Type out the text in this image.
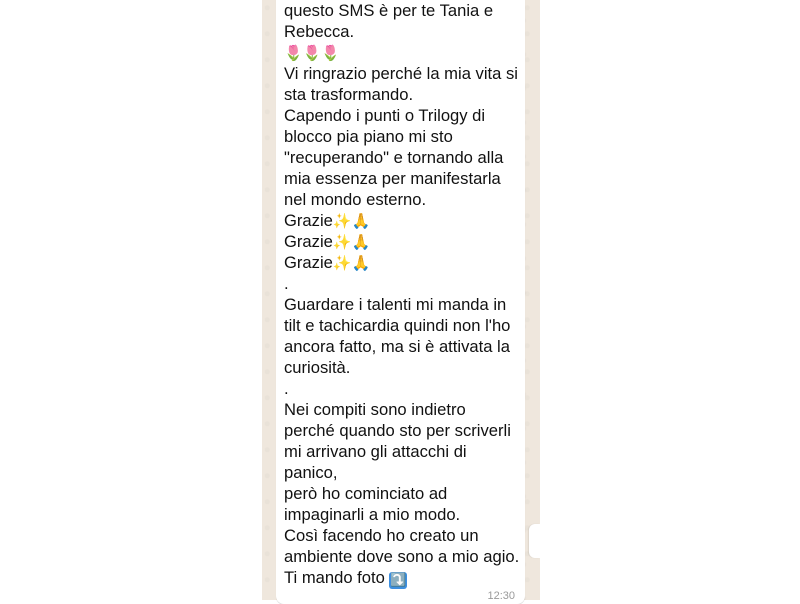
questo SMS è per te Tania e
Rebecca.
🌷🌷🌷
Vi ringrazio perché la mia vita si
sta trasformando.
Capendo i punti o Trilogy di
blocco pia piano mi sto
"recuperando" e tornando alla
mia essenza per manifestarla
nel mondo esterno.
Grazie✨🙏
Grazie✨🙏
Grazie✨🙏
.
Guardare i talenti mi manda in
tilt e tachicardia quindi non l'ho
ancora fatto, ma si è attivata la
curiosità.
.
Nei compiti sono indietro
perché quando sto per scriverli
mi arrivano gli attacchi di
panico,
però ho cominciato ad
impaginarli a mio modo.
Così facendo ho creato un
ambiente dove sono a mio agio.
Ti mando foto ⤵️
12:30
